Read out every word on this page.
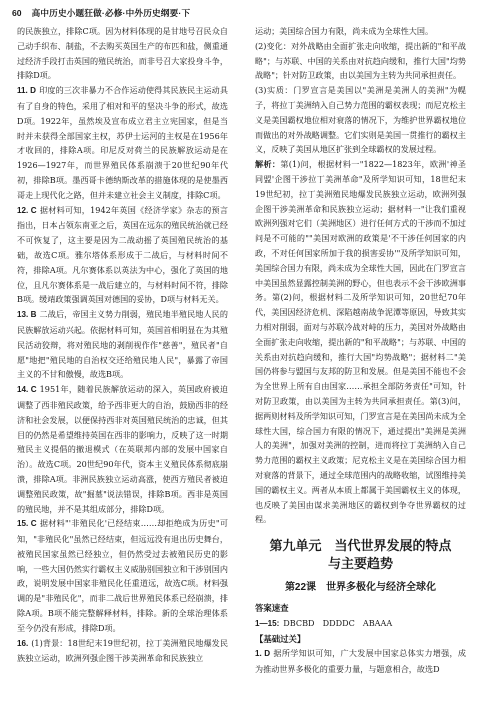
60 高中历史小题狂做·必修·中外历史纲要·下

的民族独立，排除C项。因为材料体现的是甘地号召民众自己动手织布、制盐，不去购买英国生产的布匹和盐，侧重通过经济手段打击英国的殖民统治，而非号召大家投身斗争，排除D项。

11. D 印度的三次非暴力不合作运动使得其民族民主运动具有了自身的特色，采用了相对和平的坚决斗争的形式，故选D项。1922年，虽然埃及宣布成立君主立宪国家，但是当时并未获得全部国家主权，苏伊士运河的主权是在1956年才收回的，排除A项。印尼反对荷兰的民族解放运动是在1926—1927年，而世界殖民体系崩溃于20世纪90年代初，排除B项。墨西哥卡德纳斯改革的措施体现的是使墨西哥走上现代化之路，但并未建立社会主义制度，排除C项。

12. C 据材料可知，1942年英国《经济学家》杂志的预言指出，日本占领东南亚之后，英国在远东的殖民统治就已经不可恢复了，这主要是因为二战动摇了英国殖民统治的基础，故选C项。雅尔塔体系形成于二战后，与材料时间不符，排除A项。凡尔赛体系以英法为中心，强化了英国的地位，且凡尔赛体系是一战后建立的，与材料时间不符，排除B项。缓靖政策强调英国对德国的妥协，D项与材料无关。

13. B 二战后，帝国主义势力削弱，殖民地半殖民地人民的民族解放运动兴起。依据材料可知，英国首相明显在为其殖民活动狡辩，将对殖民地的剥削视作作"慈善"，殖民者"自愿"地把"殖民地的自治权交还给殖民地人民"，暴露了帝国主义的不甘和傲慢，故选B项。

14. C 1951年，随着民族解放运动的深入，英国政府被迫调整了西非殖民政策，给予西非更大的自治，鼓励西非的经济和社会发展，以便保持西非对英国殖民统治的忠诚，但其目的仍然是希望维持英国在西非的影响力，反映了这一时期殖民主义提倡的撤退模式（在英联邦内部的发展中国家自治）。故选C项。20世纪90年代，资本主义殖民体系彻底崩溃，排除A项。非洲民族独立运动高涨，使西方殖民者被迫调整殖民政策，故"掘墓"说法错误，排除B项。西非是英国的殖民地，并不是其组成部分，排除D项。

15. C 据材料"'非殖民化'已经结束……却拒绝成为历史"可知，"非殖民化"虽然已经结束，但远远没有退出历史舞台，被殖民国家虽然已经独立，但仍然受过去被殖民历史的影响，一些大国仍然实行霸权主义威胁别国独立和干涉别国内政，说明发展中国家非殖民化任重道远，故选C项。材料强调的是"非殖民化"，而非二战后世界殖民体系已经崩溃，排除A项。B项不能完整解释材料，排除。新的全球治理体系至今仍没有形成，排除D项。

16. (1)背景：18世纪末19世纪初，拉丁美洲殖民地爆发民族独立运动，欧洲列强企图干涉美洲革命和民族独立

运动；美国综合国力有限，尚未成为全球性大国。

(2)变化：对外战略由全面扩张走向收缩，提出新的"和平战略"；与苏联、中国的关系由对抗趋向缓和，推行大国"均势战略"；针对防卫政策，由以美国为主转为共同承担责任。

(3)实质：门罗宣言是美国以"美洲是美洲人的美洲"为幌子，将拉丁美洲纳入自己势力范围的霸权表现；而尼克松主义是美国霸权地位相对衰落的情况下，为维护世界霸权地位而做出的对外战略调整。它们实则是美国一贯推行的霸权主义，反映了美国从地区扩张到全球霸权的发展过程。

解析：第(1)问，根据材料一"1822—1823年，欧洲'神圣同盟'企图干涉拉丁美洲革命"及所学知识可知，18世纪末19世纪初，拉丁美洲殖民地爆发民族独立运动，欧洲列强企图干涉美洲革命和民族独立运动；据材料一"让我们重视欧洲列强对它们（美洲地区）进行任何方式的干涉而不加过问是不可能的""美国对欧洲的政策是'不干涉任何国家的内政，不对任何国家所加于我的损害妥协'"及所学知识可知，美国综合国力有限，尚未成为全球性大国，因此在门罗宣言中美国虽然显露控制美洲的野心，但也表示不会干涉欧洲事务。第(2)问，根据材料二及所学知识可知，20世纪70年代，美国因经济危机、深陷越南战争泥潭等原因，导致其实力相对削弱，面对与苏联冷战对峙的压力，美国对外战略由全面扩张走向收缩，提出新的"和平战略"；与苏联、中国的关系由对抗趋向缓和，推行大国"均势战略"；据材料二"美国仍将参与盟国与友邦的防卫和发展。但是美国不能也不会为全世界上所有自由国家……承担全部防务责任"可知，针对防卫政策，由以美国为主转为共同承担责任。第(3)问，据两则材料及所学知识可知，门罗宣言是在美国尚未成为全球性大国，综合国力有限的情况下，通过提出"美洲是美洲人的美洲"，加强对美洲的控制，进而将拉丁美洲纳入自己势力范围的霸权主义政策；尼克松主义是在美国综合国力相对衰落的背景下，通过全球范围内的战略收缩，试图维持美国的霸权主义。两者从本质上都属于美国霸权主义的体现，也反映了美国由谋求美洲地区的霸权到争夺世界霸权的过程。

第九单元　当代世界发展的特点
与主要趋势
第22课 世界多极化与经济全球化

答案速查

1—15: DBCBD　DDDDC　ABAAA

【基础过关】

1. D 据所学知识可知，广大发展中国家总体实力增强，成为推动世界多极化的重要力量，与题意相合，故选D
